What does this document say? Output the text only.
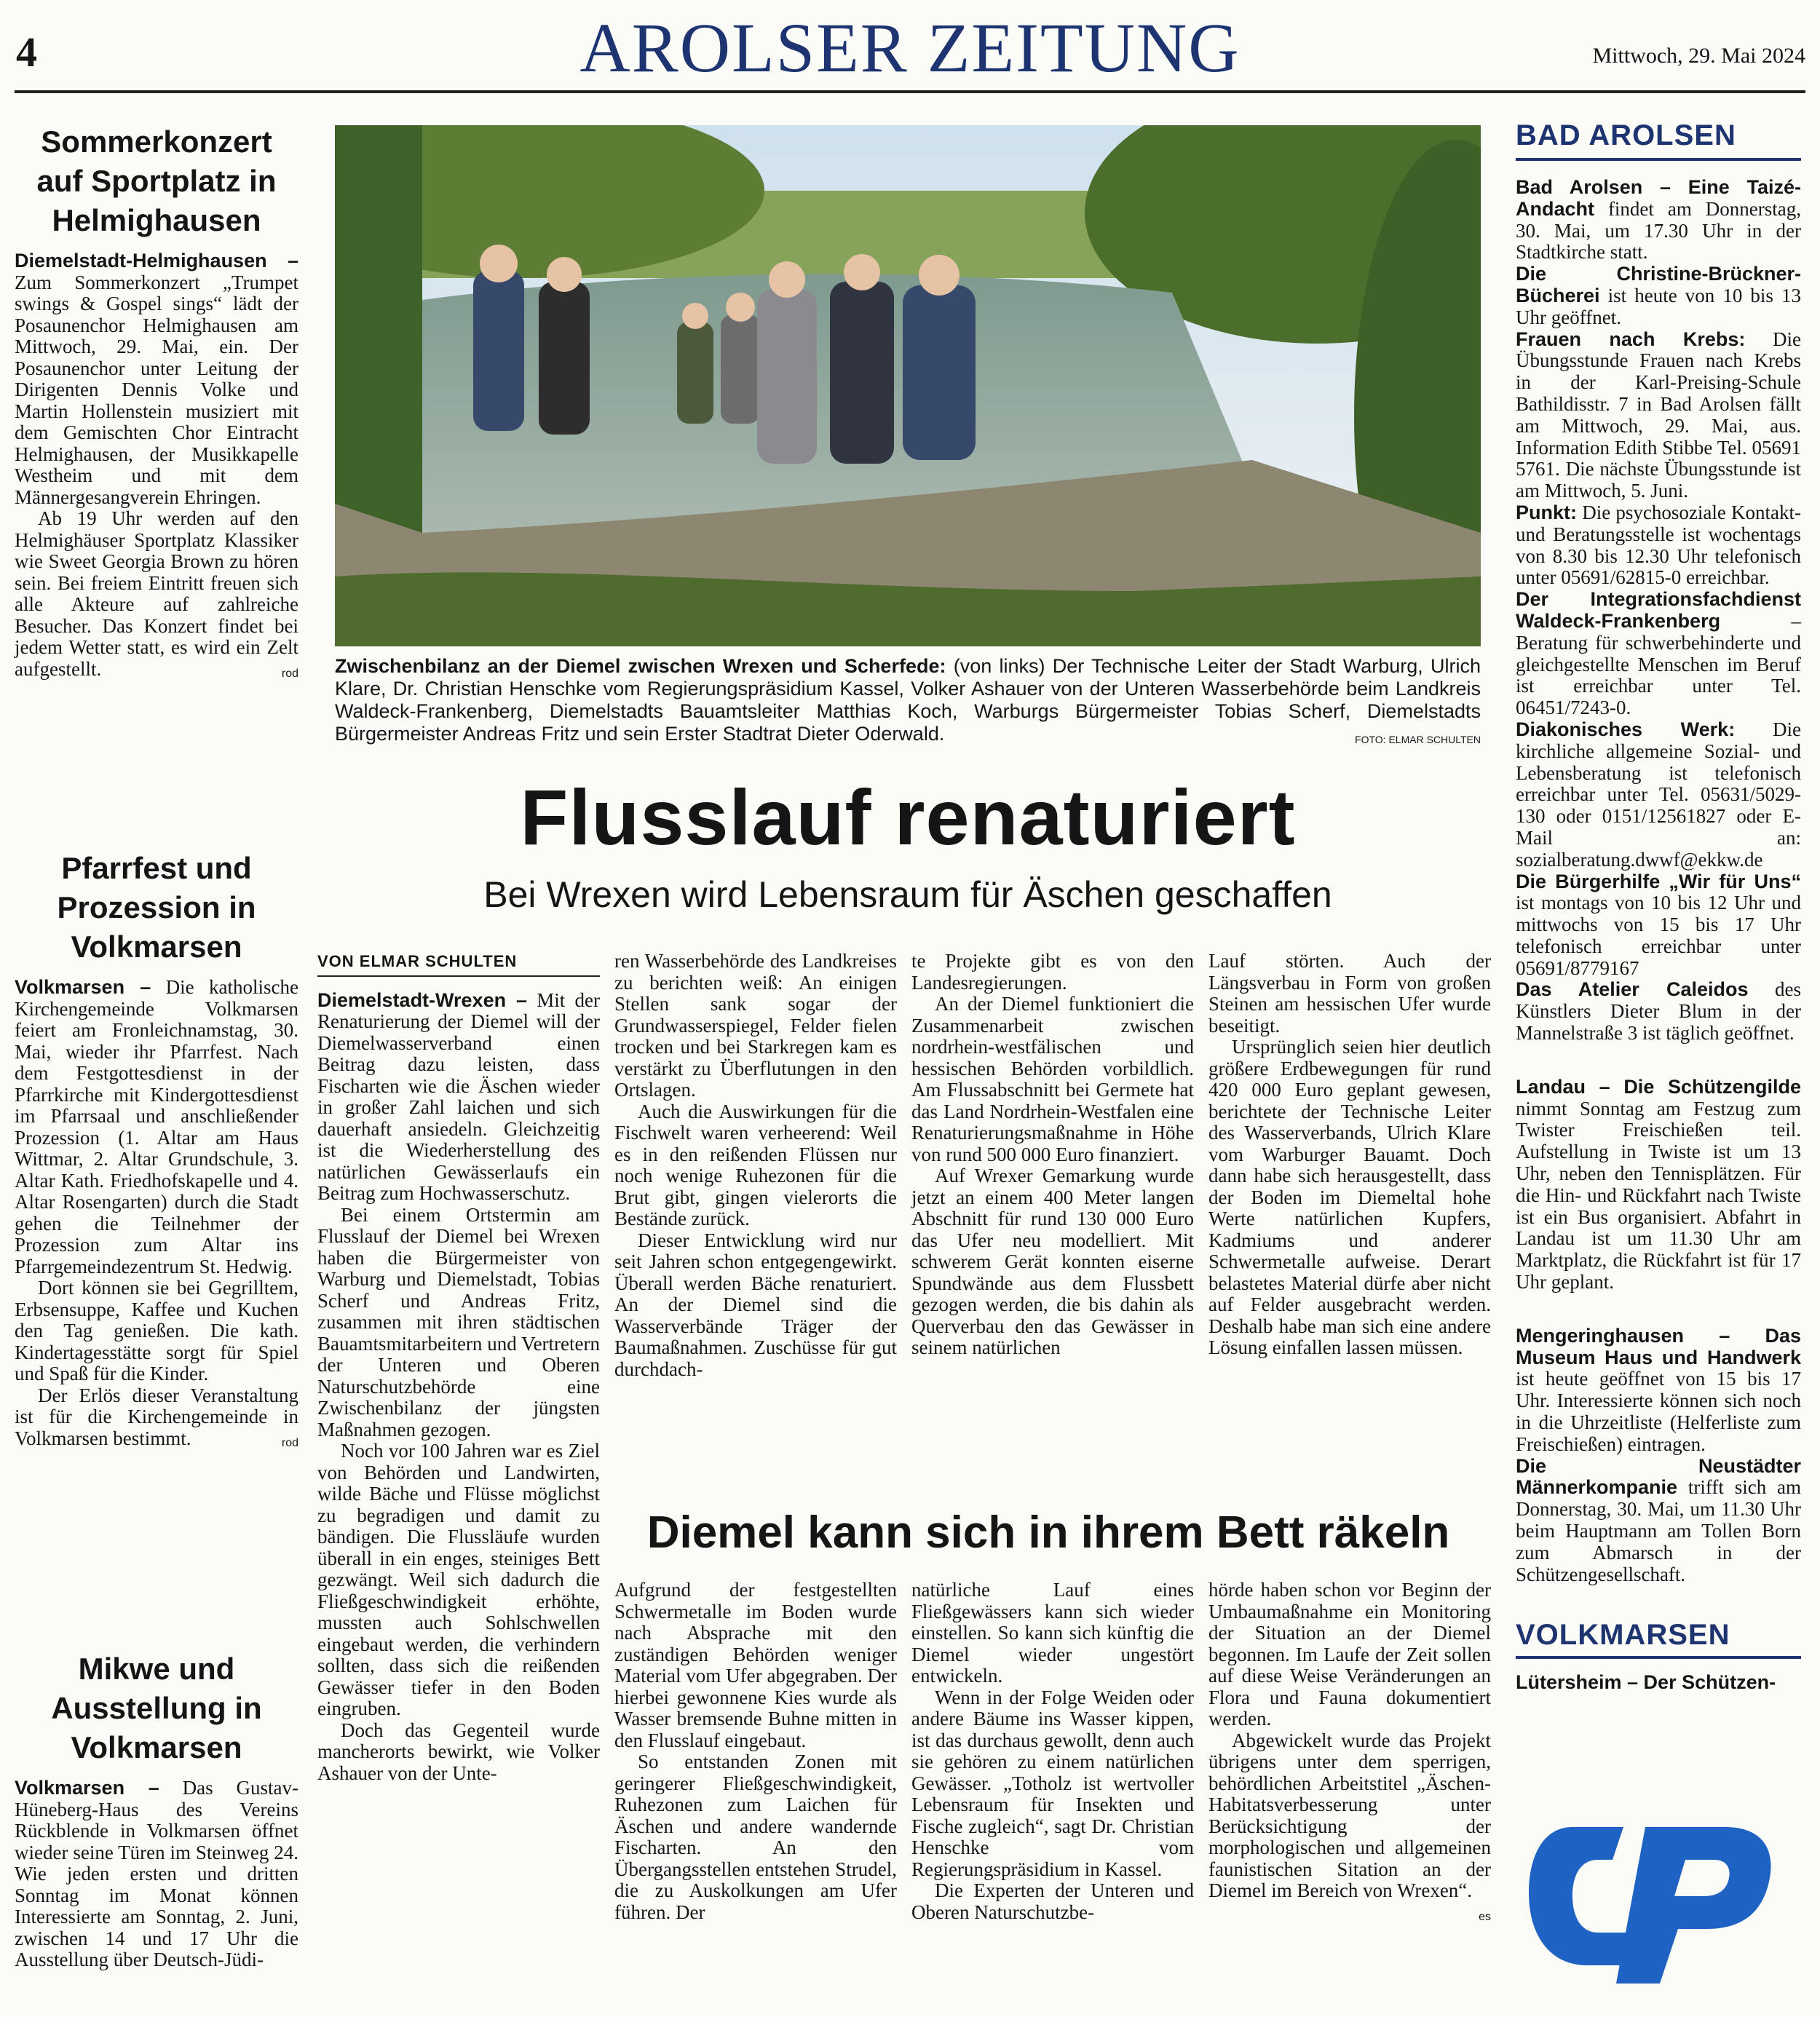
4	AROLSER ZEITUNG	Mittwoch, 29. Mai 2024
Sommerkonzert auf Sportplatz in Helmighausen

Diemelstadt-Helmighausen – Zum Sommerkonzert „Trumpet swings & Gospel sings“ lädt der Posaunenchor Helmighausen am Mittwoch, 29. Mai, ein. Der Posaunenchor unter Leitung der Dirigenten Dennis Volke und Martin Hollenstein musiziert mit dem Gemischten Chor Eintracht Helmighausen, der Musikkapelle Westheim und mit dem Männergesangverein Ehringen.

Ab 19 Uhr werden auf den Helmighäuser Sportplatz Klassiker wie Sweet Georgia Brown zu hören sein. Bei freiem Eintritt freuen sich alle Akteure auf zahlreiche Besucher. Das Konzert findet bei jedem Wetter statt, es wird ein Zelt aufgestellt.	rod

Pfarrfest und Prozession in Volkmarsen

Volkmarsen – Die katholische Kirchengemeinde Volkmarsen feiert am Fronleichnamstag, 30. Mai, wieder ihr Pfarrfest. Nach dem Festgottesdienst in der Pfarrkirche mit Kindergottesdienst im Pfarrsaal und anschließender Prozession (1. Altar am Haus Wittmar, 2. Altar Grundschule, 3. Altar Kath. Friedhofskapelle und 4. Altar Rosengarten) durch die Stadt gehen die Teilnehmer der Prozession zum Altar ins Pfarrgemeindezentrum St. Hedwig.

Dort können sie bei Gegrilltem, Erbsensuppe, Kaffee und Kuchen den Tag genießen. Die kath. Kindertagesstätte sorgt für Spiel und Spaß für die Kinder.

Der Erlös dieser Veranstaltung ist für die Kirchengemeinde in Volkmarsen bestimmt.	rod

Mikwe und Ausstellung in Volkmarsen

Volkmarsen – Das Gustav-Hüneberg-Haus des Vereins Rückblende in Volkmarsen öffnet wieder seine Türen im Steinweg 24. Wie jeden ersten und dritten Sonntag im Monat können Interessierte am Sonntag, 2. Juni, zwischen 14 und 17 Uhr die Ausstellung über Deutsch-Jüdi-

Zwischenbilanz an der Diemel zwischen Wrexen und Scherfede: (von links) Der Technische Leiter der Stadt Warburg, Ulrich Klare, Dr. Christian Henschke vom Regierungspräsidium Kassel, Volker Ashauer von der Unteren Wasserbehörde beim Landkreis Waldeck-Frankenberg, Diemelstadts Bauamtsleiter Matthias Koch, Warburgs Bürgermeister Tobias Scherf, Diemelstadts Bürgermeister Andreas Fritz und sein Erster Stadtrat Dieter Oderwald.	FOTO: ELMAR SCHULTEN
Flusslauf renaturiert
Bei Wrexen wird Lebensraum für Äschen geschaffen
VON ELMAR SCHULTEN

Diemelstadt-Wrexen – Mit der Renaturierung der Diemel will der Diemelwasserverband einen Beitrag dazu leisten, dass Fischarten wie die Äschen wieder in großer Zahl laichen und sich dauerhaft ansiedeln. Gleichzeitig ist die Wiederherstellung des natürlichen Gewässerlaufs ein Beitrag zum Hochwasserschutz.

Bei einem Ortstermin am Flusslauf der Diemel bei Wrexen haben die Bürgermeister von Warburg und Diemelstadt, Tobias Scherf und Andreas Fritz, zusammen mit ihren städtischen Bauamtsmitarbeitern und Vertretern der Unteren und Oberen Naturschutzbehörde eine Zwischenbilanz der jüngsten Maßnahmen gezogen.

Noch vor 100 Jahren war es Ziel von Behörden und Landwirten, wilde Bäche und Flüsse möglichst zu begradigen und damit zu bändigen. Die Flussläufe wurden überall in ein enges, steiniges Bett gezwängt. Weil sich dadurch die Fließgeschwindigkeit erhöhte, mussten auch Sohlschwellen eingebaut werden, die verhindern sollten, dass sich die reißenden Gewässer tiefer in den Boden eingruben.

Doch das Gegenteil wurde mancherorts bewirkt, wie Volker Ashauer von der Unte-

ren Wasserbehörde des Landkreises zu berichten weiß: An einigen Stellen sank sogar der Grundwasserspiegel, Felder fielen trocken und bei Starkregen kam es verstärkt zu Überflutungen in den Ortslagen.

Auch die Auswirkungen für die Fischwelt waren verheerend: Weil es in den reißenden Flüssen nur noch wenige Ruhezonen für die Brut gibt, gingen vielerorts die Bestände zurück.

Dieser Entwicklung wird nur seit Jahren schon entgegengewirkt. Überall werden Bäche renaturiert. An der Diemel sind die Wasserverbände Träger der Baumaßnahmen. Zuschüsse für gut durchdach-

te Projekte gibt es von den Landesregierungen.

An der Diemel funktioniert die Zusammenarbeit zwischen nordrhein-westfälischen und hessischen Behörden vorbildlich. Am Flussabschnitt bei Germete hat das Land Nordrhein-Westfalen eine Renaturierungsmaßnahme in Höhe von rund 500 000 Euro finanziert.

Auf Wrexer Gemarkung wurde jetzt an einem 400 Meter langen Abschnitt für rund 130 000 Euro das Ufer neu modelliert. Mit schwerem Gerät konnten eiserne Spundwände aus dem Flussbett gezogen werden, die bis dahin als Querverbau den das Gewässer in seinem natürlichen

Lauf störten. Auch der Längsverbau in Form von großen Steinen am hessischen Ufer wurde beseitigt.

Ursprünglich seien hier deutlich größere Erdbewegungen für rund 420 000 Euro geplant gewesen, berichtete der Technische Leiter des Wasserverbands, Ulrich Klare vom Warburger Bauamt. Doch dann habe sich herausgestellt, dass der Boden im Diemeltal hohe Werte natürlichen Kupfers, Kadmiums und anderer Schwermetalle aufweise. Derart belastetes Material dürfe aber nicht auf Felder ausgebracht werden. Deshalb habe man sich eine andere Lösung einfallen lassen müssen.

Diemel kann sich in ihrem Bett räkeln

Aufgrund der festgestellten Schwermetalle im Boden wurde nach Absprache mit den zuständigen Behörden weniger Material vom Ufer abgegraben. Der hierbei gewonnene Kies wurde als Wasser bremsende Buhne mitten in den Flusslauf eingebaut.

So entstanden Zonen mit geringerer Fließgeschwindigkeit, Ruhezonen zum Laichen für Äschen und andere wandernde Fischarten. An den Übergangsstellen entstehen Strudel, die zu Auskolkungen am Ufer führen. Der

natürliche Lauf eines Fließgewässers kann sich wieder einstellen. So kann sich künftig die Diemel wieder ungestört entwickeln.

Wenn in der Folge Weiden oder andere Bäume ins Wasser kippen, ist das durchaus gewollt, denn auch sie gehören zu einem natürlichen Gewässer. „Totholz ist wertvoller Lebensraum für Insekten und Fische zugleich“, sagt Dr. Christian Henschke vom Regierungspräsidium in Kassel.

Die Experten der Unteren und Oberen Naturschutzbe-

hörde haben schon vor Beginn der Umbaumaßnahme ein Monitoring der Situation an der Diemel begonnen. Im Laufe der Zeit sollen auf diese Weise Veränderungen an Flora und Fauna dokumentiert werden.

Abgewickelt wurde das Projekt übrigens unter dem sperrigen, behördlichen Arbeitstitel „Äschen-Habitatsverbesserung unter Berücksichtigung der morphologischen und allgemeinen faunistischen Sitation an der Diemel im Bereich von Wrexen“.
es

BAD AROLSEN
Bad Arolsen – Eine Taizé-Andacht findet am Donnerstag, 30. Mai, um 17.30 Uhr in der Stadtkirche statt.
Die Christine-Brückner-Bücherei ist heute von 10 bis 13 Uhr geöffnet.
Frauen nach Krebs: Die Übungsstunde Frauen nach Krebs in der Karl-Preising-Schule Bathildisstr. 7 in Bad Arolsen fällt am Mittwoch, 29. Mai, aus. Information Edith Stibbe Tel. 05691 5761. Die nächste Übungsstunde ist am Mittwoch, 5. Juni.
Punkt: Die psychosoziale Kontakt- und Beratungsstelle ist wochentags von 8.30 bis 12.30 Uhr telefonisch unter 05691/62815-0 erreichbar.
Der Integrationsfachdienst Waldeck-Frankenberg – Beratung für schwerbehinderte und gleichgestellte Menschen im Beruf ist erreichbar unter Tel. 06451/7243-0.
Diakonisches Werk: Die kirchliche allgemeine Sozial- und Lebensberatung ist telefonisch erreichbar unter Tel. 05631/5029-130 oder 0151/12561827 oder E-Mail an: sozialberatung.dwwf@ekkw.de
Die Bürgerhilfe „Wir für Uns“ ist montags von 10 bis 12 Uhr und mittwochs von 15 bis 17 Uhr telefonisch erreichbar unter 05691/8779167
Das Atelier Caleidos des Künstlers Dieter Blum in der Mannelstraße 3 ist täglich geöffnet.
Landau – Die Schützengilde nimmt Sonntag am Festzug zum Twister Freischießen teil. Aufstellung in Twiste ist um 13 Uhr, neben den Tennisplätzen. Für die Hin- und Rückfahrt nach Twiste ist ein Bus organisiert. Abfahrt in Landau ist um 11.30 Uhr am Marktplatz, die Rückfahrt ist für 17 Uhr geplant.
Mengeringhausen – Das Museum Haus und Handwerk ist heute geöffnet von 15 bis 17 Uhr. Interessierte können sich noch in die Uhrzeitliste (Helferliste zum Freischießen) eintragen.
Die Neustädter Männerkompanie trifft sich am Donnerstag, 30. Mai, um 11.30 Uhr beim Hauptmann am Tollen Born zum Abmarsch in der Schützengesellschaft.
VOLKMARSEN
Lütersheim – Der Schützen-
